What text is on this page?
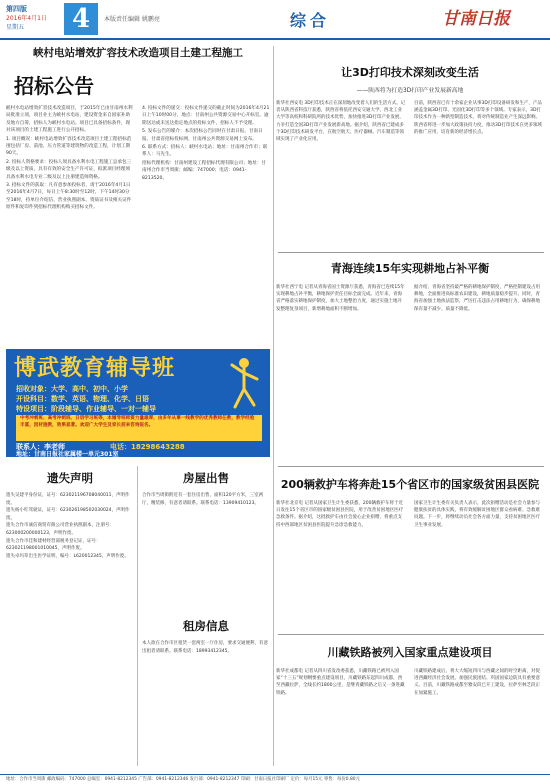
第四版
2016年4月1日
星期五	4	本版责任编辑 姚鹏亮	综合	甘南日报
峡村电站增效扩容技术改造项目土建工程施工
招标公告

峡村水电站增效扩容技术改造项目，于2015年已由甘南州水利局批准立项，项目业主为峡村水电站，建设资金来自国家补助及地方自筹，招标人为峡村水电站。项目已具备招标条件，现对该项目的土建工程施工进行公开招标。

1. 项目概况：峡村电站增效扩容技术改造项目土建工程招标范围包括厂房、前池、压力管道等建筑物的改造工程，计划工期90天。

2. 投标人资格要求：投标人须具备水利水电工程施工总承包三级及以上资质，具有有效的安全生产许可证，拟派项目经理须具备水利水电专业二级及以上注册建造师资格。

3. 招标文件的获取：凡有意参加投标者，请于2016年4月1日至2016年4月7日，每日上午8:30时至12时，下午14时30分至18时，持单位介绍信、营业执照副本、资质证书及相关证件原件和复印件到招标代理机构购买招标文件。

4. 投标文件的递交：投标文件递交的截止时间为2016年4月21日上午10时00分，地点：甘南州公共资源交易中心开标室。逾期送达或未送达指定地点的投标文件，招标人不予受理。

5. 发布公告的媒介：本次招标公告同时在甘肃日报、甘南日报、甘肃省招标投标网、甘南州公共资源交易网上发布。

6. 联系方式：招标人：峡村水电站；地址：甘南州合作市；联系人：马先生。

招标代理机构：甘南州建设工程招标代理有限公司；地址：甘南州合作市当周街；邮编：747000；电话：0941-8213520。

博武教育辅导班
招收对象：大学、高中、初中、小学
开设科目：数学、英语、物理、化学、日语
特设项目：阶段辅导、作业辅导、一对一辅导
中考冲刺班、高考冲刺班、日语学习班等，本辅导班师资力量雄厚，由多年从事一线教学的优秀教师任教，教学经验丰富，因材施教，效果显著。欢迎广大学生及家长前来咨询报名。
联系人：李老师	电话：18298643288
地址：甘南日报社家属楼一单元301室
遗失声明

遗失吴建平身份证，证号：623021196708040011，声明作废。

遗失杨小红驾驶证，证号：623026198502030024，声明作废。

遗失合作市诚信商贸有限公司营业执照副本，注册号：623000200000123，声明作废。

遗失合作市佳和建材经营部税务登记证，证号：623021198001010045，声明作废。

遗失卓玛草出生医学证明，编号：L620012345，声明作废。

房屋出售
合作市当周街附近有一套住房出售，面积120平方米，三室两厅，精装修，有意者请联系。联系电话：13909410123。
租房信息
本人欲在合作市区租赁一套两室一厅住房，要求交通便利，有意出租者请联系。联系电话：18993412345。
让3D打印技术深刻改变生活
——陕西将为打造3D打印产业发展新高地
新华社西安电 3D打印技术正在深刻地改变着人们的生活方式。记者从陕西省科技厅获悉，陕西省将依托西安交通大学、西北工业大学等高校和科研院所的技术优势，加快推进3D打印产业发展，力争打造全国3D打印产业发展新高地。据介绍，陕西省已建成多个3D打印技术研发平台，在航空航天、医疗器械、汽车制造等领域实现了产业化应用。
目前，陕西省已有十余家企业从事3D打印设备研发和生产，产品涵盖金属3D打印、光固化3D打印等多个领域。专家表示，3D打印技术作为一种新型制造技术，将对传统制造业产生深远影响。陕西省将进一步加大政策扶持力度，推动3D打印技术在更多领域的推广应用，培育新的经济增长点。
青海连续15年实现耕地占补平衡
新华社西宁电 记者从青海省国土资源厅获悉，青海省已连续15年实现耕地占补平衡，耕地保护责任目标全面完成。近年来，青海省严格落实耕地保护制度，加大土地整治力度，通过实施土地开发整理复垦项目，新增耕地面积不断增加。
据介绍，青海省坚持最严格的耕地保护制度，严格控制建设占用耕地，全面推进高标准农田建设，耕地质量稳步提升。同时，青海省加强土地执法监察，严厉打击违法占用耕地行为，确保耕地保有量不减少、质量不降低。
200辆救护车将奔赴15个省区市的国家级贫困县医院
新华社北京电 记者从国家卫生计生委获悉，200辆救护车将于近日发往15个省区市的国家级贫困县医院，用于改善贫困地区医疗急救条件。据介绍，这批救护车由社会爱心企业捐赠，将重点支持中西部地区贫困县医院提升急诊急救能力。
国家卫生计生委有关负责人表示，此次捐赠活动是社会力量参与健康扶贫的具体实践，将有效缓解贫困地区群众看病难、急救难问题。下一步，将继续动员社会各方面力量，支持贫困地区医疗卫生事业发展。
川藏铁路被列入国家重点建设项目
新华社成都电 记者从四川省发改委获悉，川藏铁路已被列入国家“十三五”规划纲要重点建设项目。川藏铁路东起四川成都，西至西藏拉萨，全线长约1800公里，是继青藏铁路之后又一条进藏铁路。
川藏铁路建成后，将大大缩短四川与西藏之间的时空距离，对促进西藏经济社会发展、加强民族团结、巩固国家边防具有重要意义。目前，川藏铁路成都至雅安段已开工建设，拉萨至林芝段正在加紧施工。
地址：合作市当周街 邮政编码：747000 总编室：0941-8212345 广告部：0941-8212346 发行部：0941-8212347 印刷：甘南日报社印刷厂 定价：每月15元 零售：每份0.80元
